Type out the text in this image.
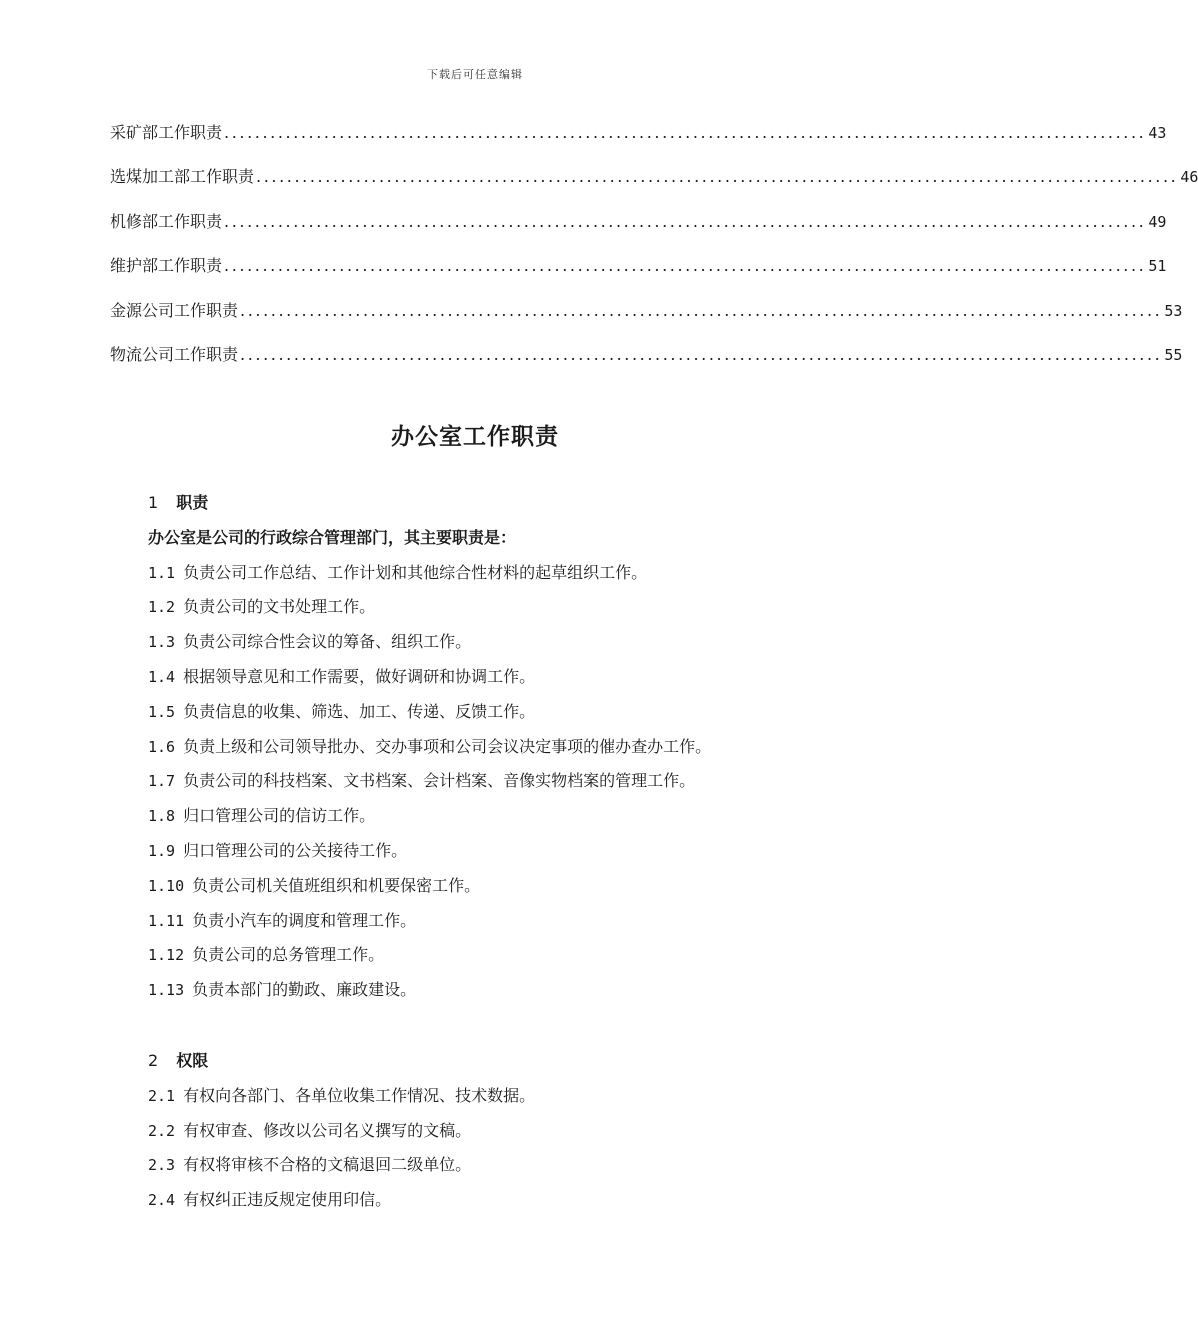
下载后可任意编辑
采矿部工作职责 ........................................................................................................................ 43
选煤加工部工作职责 ........................................................................................................................ 46
机修部工作职责 ........................................................................................................................ 49
维护部工作职责 ........................................................................................................................ 51
金源公司工作职责 ........................................................................................................................ 53
物流公司工作职责 ........................................................................................................................ 55
办公室工作职责
1 职责
办公室是公司的行政综合管理部门，其主要职责是：
1.1 负责公司工作总结、工作计划和其他综合性材料的起草组织工作。
1.2 负责公司的文书处理工作。
1.3 负责公司综合性会议的筹备、组织工作。
1.4 根据领导意见和工作需要，做好调研和协调工作。
1.5 负责信息的收集、筛选、加工、传递、反馈工作。
1.6 负责上级和公司领导批办、交办事项和公司会议决定事项的催办查办工作。
1.7 负责公司的科技档案、文书档案、会计档案、音像实物档案的管理工作。
1.8 归口管理公司的信访工作。
1.9 归口管理公司的公关接待工作。
1.10 负责公司机关值班组织和机要保密工作。
1.11 负责小汽车的调度和管理工作。
1.12 负责公司的总务管理工作。
1.13 负责本部门的勤政、廉政建设。
2 权限
2.1 有权向各部门、各单位收集工作情况、技术数据。
2.2 有权审查、修改以公司名义撰写的文稿。
2.3 有权将审核不合格的文稿退回二级单位。
2.4 有权纠正违反规定使用印信。
